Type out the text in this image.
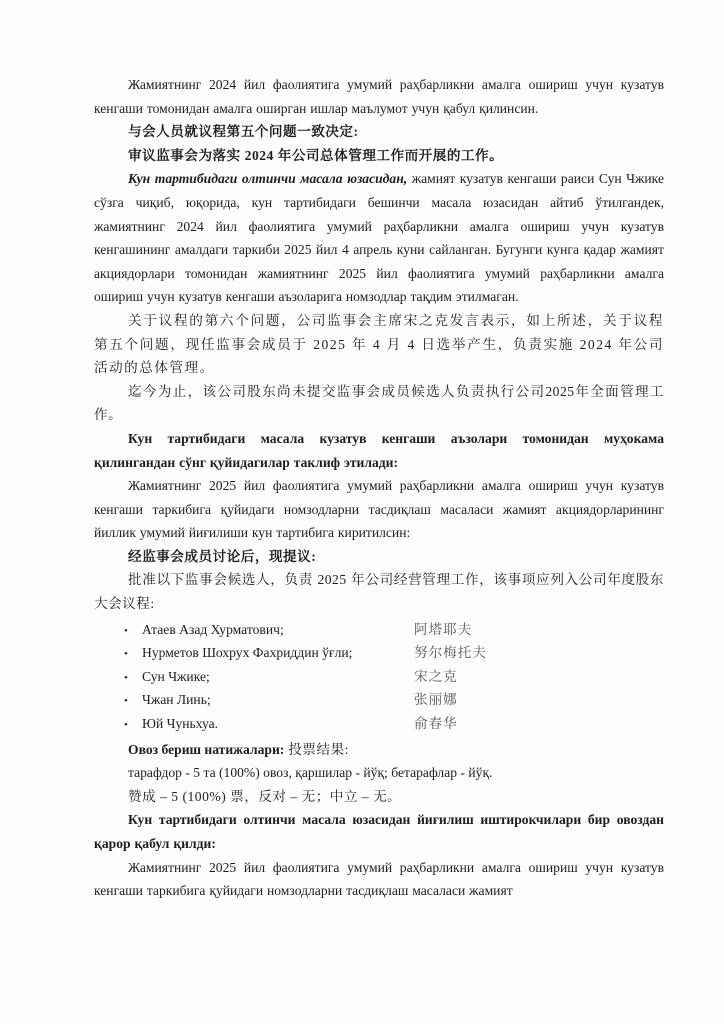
Жамиятнинг 2024 йил фаолиятига умумий раҳбарликни амалга ошириш учун кузатув кенгаши томонидан амалга оширган ишлар маълумот учун қабул қилинсин.

与会人员就议程第五个问题一致决定:

审议监事会为落实 2024 年公司总体管理工作而开展的工作。

Кун тартибидаги олтинчи масала юзасидан, жамият кузатув кенгаши раиси Сун Чжике сўзга чиқиб, юқорида, кун тартибидаги бешинчи масала юзасидан айтиб ўтилгандек, жамиятнинг 2024 йил фаолиятига умумий раҳбарликни амалга ошириш учун кузатув кенгашининг амалдаги таркиби 2025 йил 4 апрель куни сайланган. Бугунги кунга қадар жамият акциядорлари томонидан жамиятнинг 2025 йил фаолиятига умумий раҳбарликни амалга ошириш учун кузатув кенгаши аъзоларига номзодлар тақдим этилмаган.

关于议程的第六个问题，公司监事会主席宋之克发言表示，如上所述，关于议程第五个问题，现任监事会成员于 2025 年 4 月 4 日选举产生，负责实施 2024 年公司活动的总体管理。

迄今为止，该公司股东尚未提交监事会成员候选人负责执行公司2025年全面管理工作。

Кун тартибидаги масала кузатув кенгаши аъзолари томонидан муҳокама қилингандан сўнг қуйидагилар таклиф этилади:

Жамиятнинг 2025 йил фаолиятига умумий раҳбарликни амалга ошириш учун кузатув кенгаши таркибига қуйидаги номзодларни тасдиқлаш масаласи жамият акциядорларининг йиллик умумий йиғилиши кун тартибига киритилсин:

经监事会成员讨论后，现提议:

批准以下监事会候选人，负责 2025 年公司经营管理工作，该事项应列入公司年度股东大会议程:

•	Атаев Азад Хурматович;	阿塔耶夫
•	Нурметов Шохрух Фахриддин ўғли;	努尔梅托夫
•	Сун Чжике;	宋之克
•	Чжан Линь;	张丽娜
•	Юй Чуньхуа.	俞春华

Овоз бериш натижалари: 投票结果:

тарафдор - 5 та (100%) овоз, қаршилар - йўқ; бетарафлар - йўқ.

赞成 – 5 (100%) 票，反对 – 无；中立 – 无。

Кун тартибидаги олтинчи масала юзасидан йиғилиш иштирокчилари бир овоздан қарор қабул қилди:

Жамиятнинг 2025 йил фаолиятига умумий раҳбарликни амалга ошириш учун кузатув кенгаши таркибига қуйидаги номзодларни тасдиқлаш масаласи жамият
